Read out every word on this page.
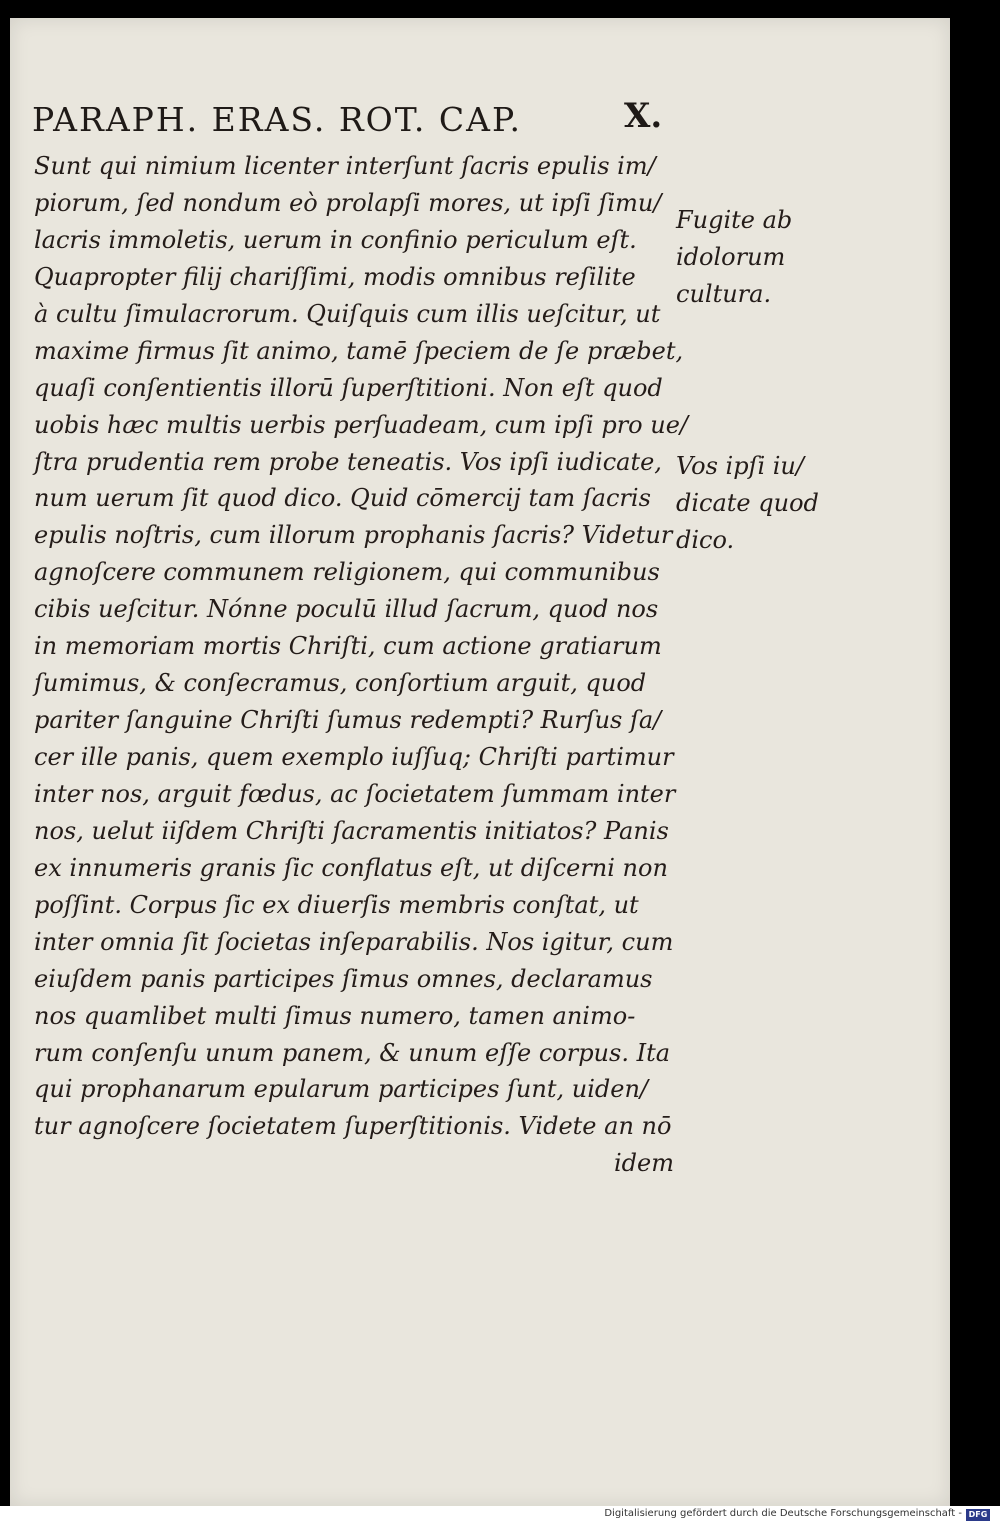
PARAPH. ERAS. ROT. CAP.	X.
Sunt qui nimium licenter interſunt ſacris epulis im/
piorum, ſed nondum eò prolapſi mores, ut ipſi ſimu/
lacris immoletis, uerum in confinio periculum eſt.
Quapropter filij chariſſimi, modis omnibus reſilite
à cultu ſimulacrorum. Quiſquis cum illis ueſcitur, ut
maxime firmus ſit animo, tamē ſpeciem de ſe præbet,
quaſi conſentientis illorū ſuperſtitioni. Non eſt quod
uobis hæc multis uerbis perſuadeam, cum ipſi pro ue/
ſtra prudentia rem probe teneatis. Vos ipſi iudicate,
num uerum ſit quod dico. Quid cōmercij tam ſacris
epulis noſtris, cum illorum prophanis ſacris? Videtur
agnoſcere communem religionem, qui communibus
cibis ueſcitur. Nónne poculū illud ſacrum, quod nos
in memoriam mortis Chriſti, cum actione gratiarum
ſumimus, & conſecramus, conſortium arguit, quod
pariter ſanguine Chriſti ſumus redempti? Rurſus ſa/
cer ille panis, quem exemplo iuſſuq; Chriſti partimur
inter nos, arguit fœdus, ac ſocietatem ſummam inter
nos, uelut iiſdem Chriſti ſacramentis initiatos? Panis
ex innumeris granis ſic conflatus eſt, ut diſcerni non
poſſint. Corpus ſic ex diuerſis membris conſtat, ut
inter omnia ſit ſocietas inſeparabilis. Nos igitur, cum
eiuſdem panis participes ſimus omnes, declaramus
nos quamlibet multi ſimus numero, tamen animo-
rum conſenſu unum panem, & unum eſſe corpus. Ita
qui prophanarum epularum participes ſunt, uiden/
tur agnoſcere ſocietatem ſuperſtitionis. Videte an nō
idem
Fugite ab
idolorum
cultura.
Vos ipſi iu/
dicate quod
dico.
Digitalisierung gefördert durch die Deutsche Forschungsgemeinschaft - DFG
